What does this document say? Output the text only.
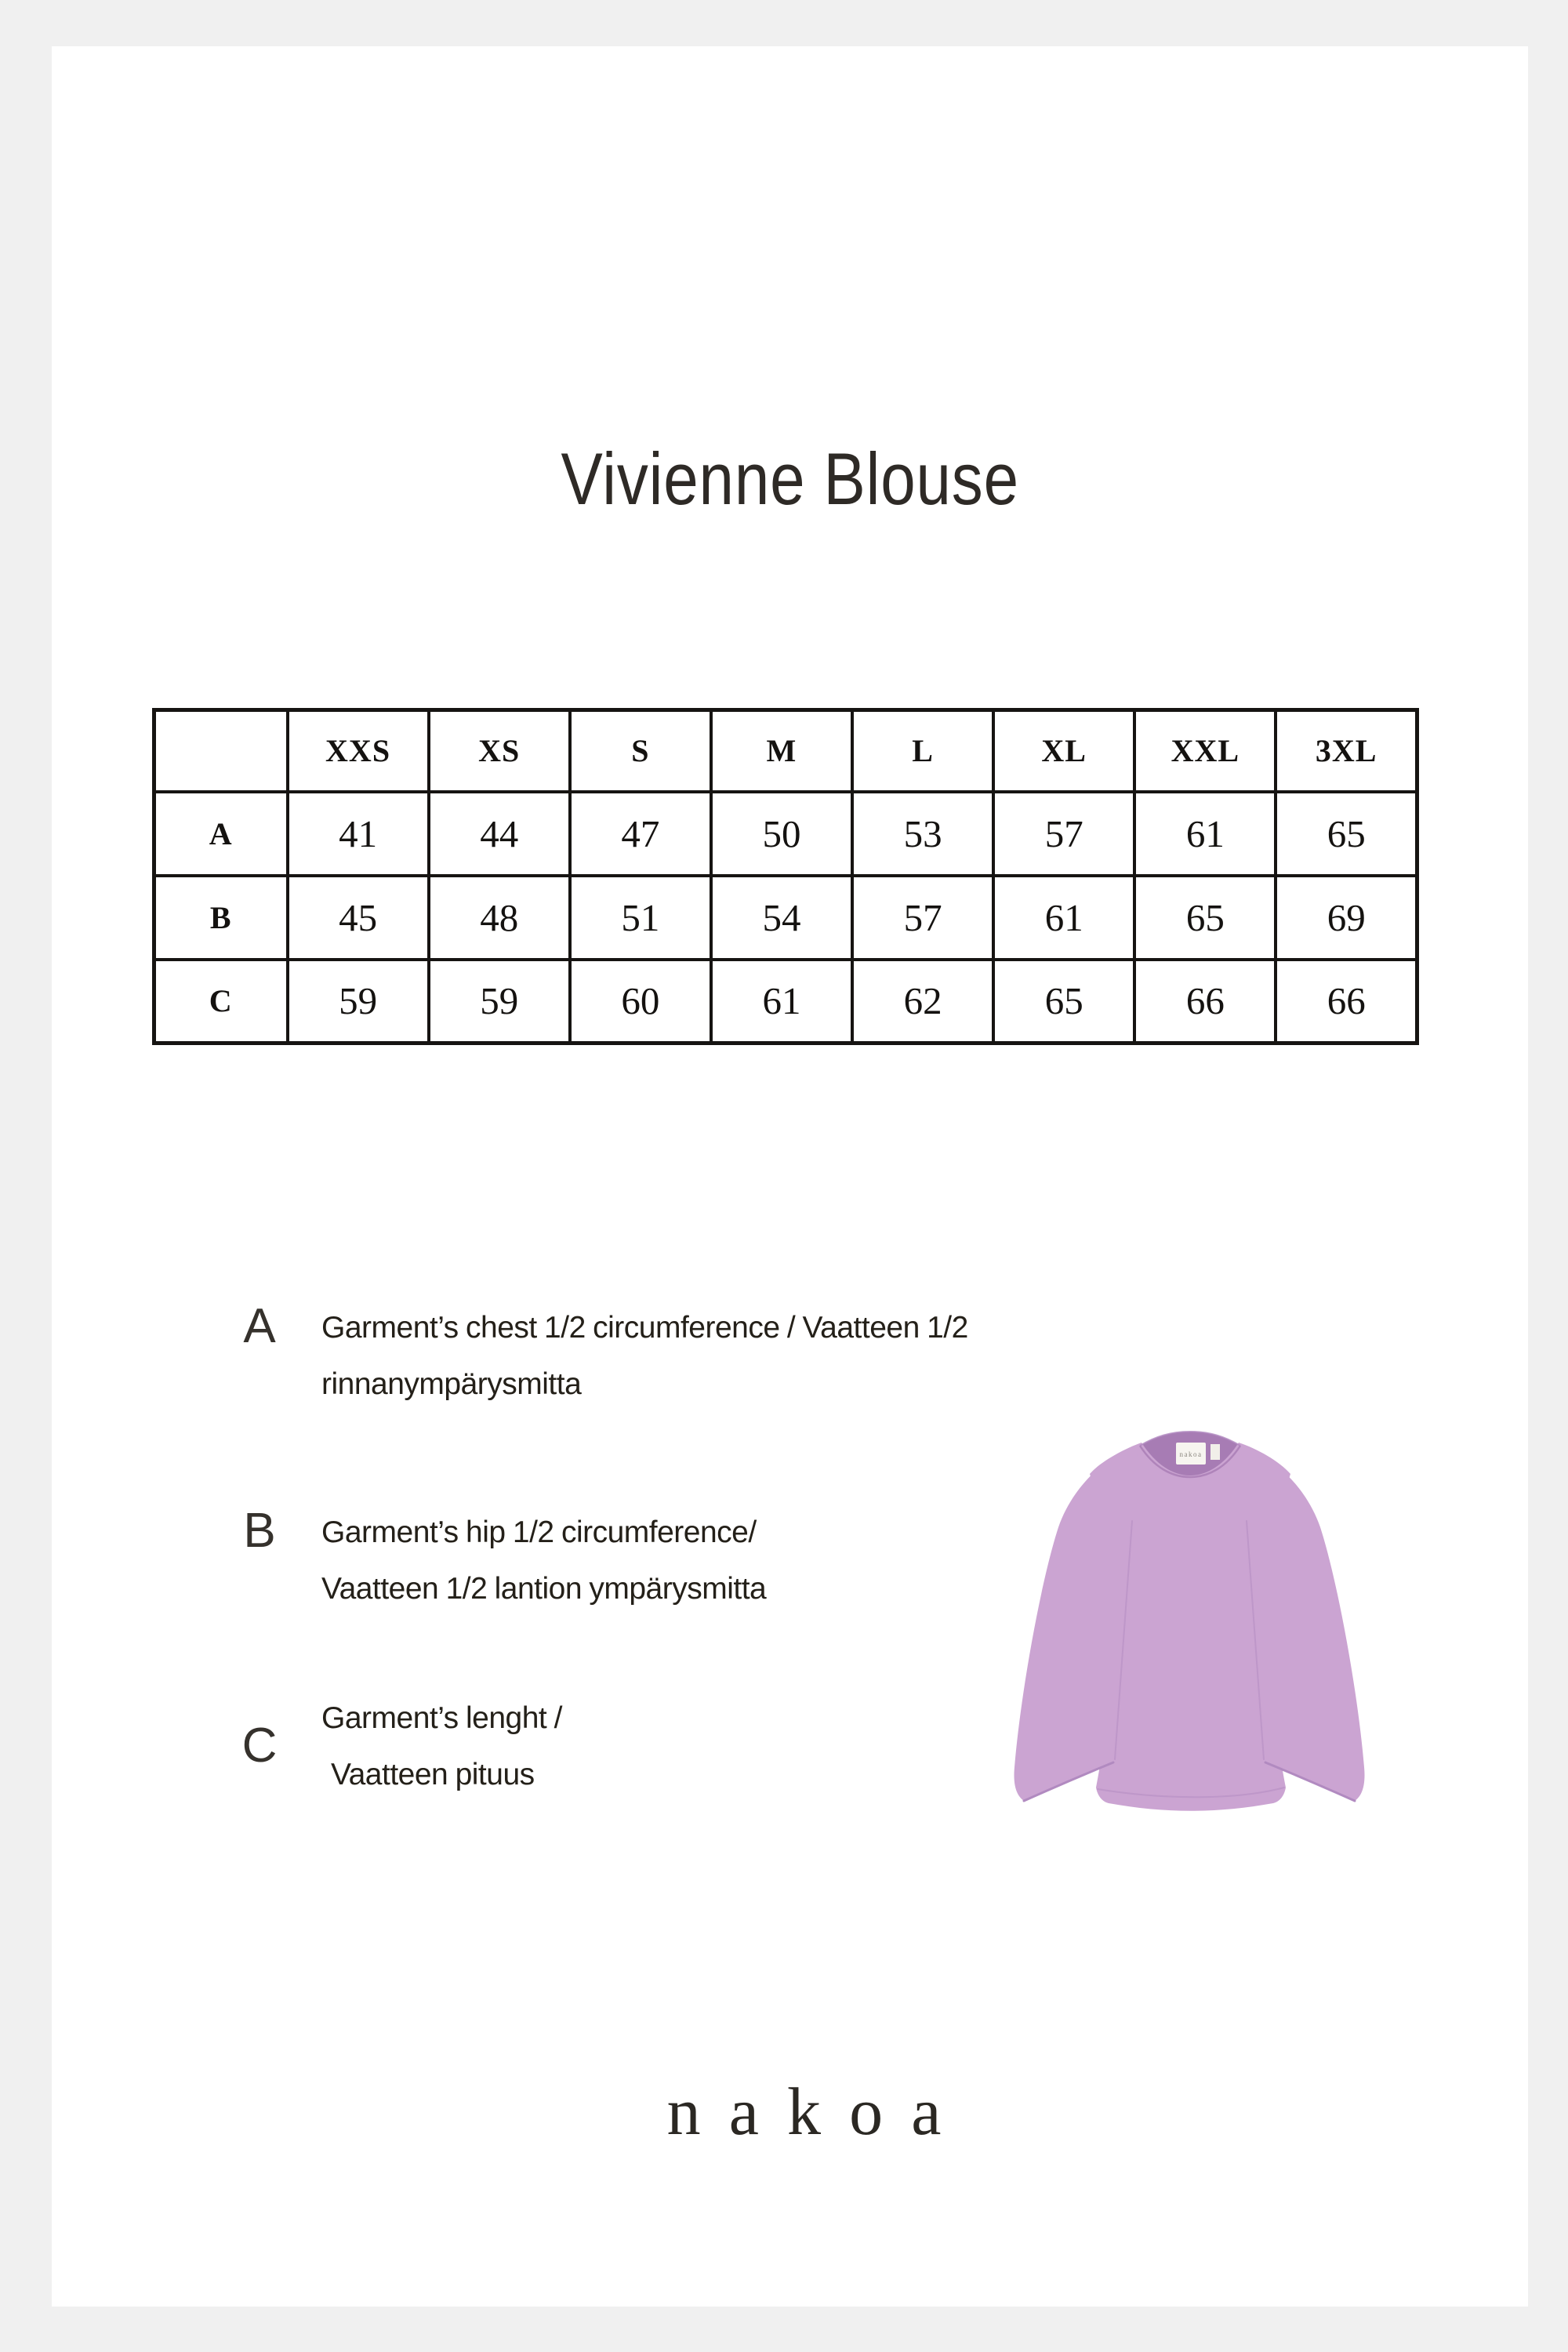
Vivienne Blouse
	XXS	XS	S	M	L	XL	XXL	3XL
A	41	44	47	50	53	57	61	65
B	45	48	51	54	57	61	65	69
C	59	59	60	61	62	65	66	66
A	Garment’s chest 1/2 circumference / Vaatteen 1/2
rinnanympärysmitta
B	Garment’s hip 1/2 circumference/
Vaatteen 1/2 lantion ympärysmitta
C
Garment’s lenght /
Vaatteen pituus
nakoa
nakoa
